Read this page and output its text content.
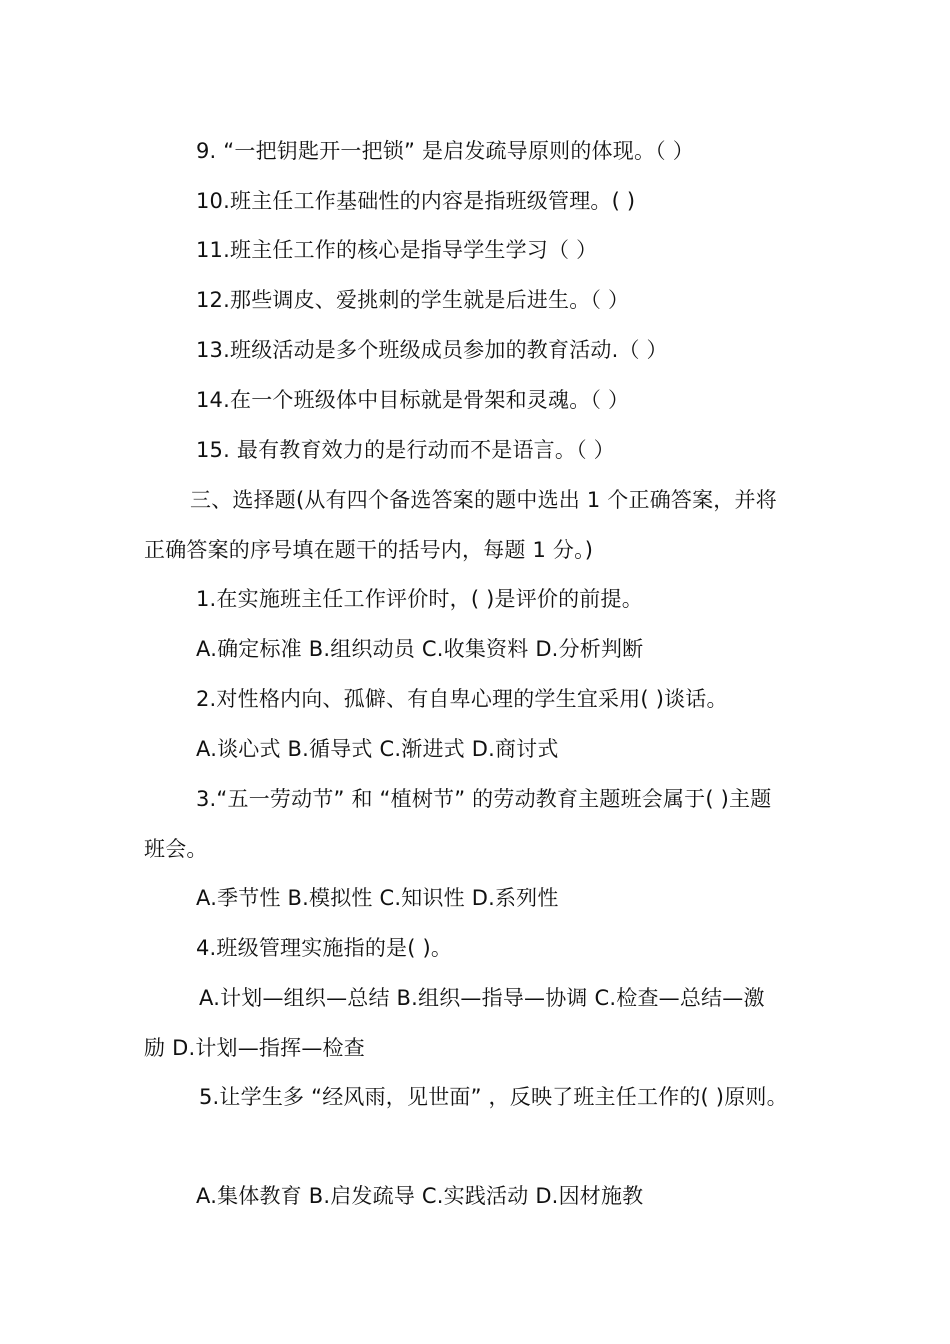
9. “一把钥匙开一把锁” 是启发疏导原则的体现。（ ）
10.班主任工作基础性的内容是指班级管理。( )
11.班主任工作的核心是指导学生学习（ ）
12.那些调皮、爱挑刺的学生就是后进生。（ ）
13.班级活动是多个班级成员参加的教育活动.（ ）
14.在一个班级体中目标就是骨架和灵魂。（ ）
15. 最有教育效力的是行动而不是语言。（ ）
三、选择题(从有四个备选答案的题中选出 1 个正确答案，并将
正确答案的序号填在题干的括号内，每题 1 分。)
1.在实施班主任工作评价时，( )是评价的前提。
A.确定标准 B.组织动员 C.收集资料 D.分析判断
2.对性格内向、孤僻、有自卑心理的学生宜采用( )谈话。
A.谈心式 B.循导式 C.渐进式 D.商讨式
3.“五一劳动节” 和 “植树节” 的劳动教育主题班会属于( )主题
班会。
A.季节性 B.模拟性 C.知识性 D.系列性
4.班级管理实施指的是( )。
A.计划—组织—总结 B.组织—指导—协调 C.检查—总结—激
励 D.计划—指挥—检查
5.让学生多 “经风雨，见世面” ，反映了班主任工作的( )原则。
A.集体教育 B.启发疏导 C.实践活动 D.因材施教
